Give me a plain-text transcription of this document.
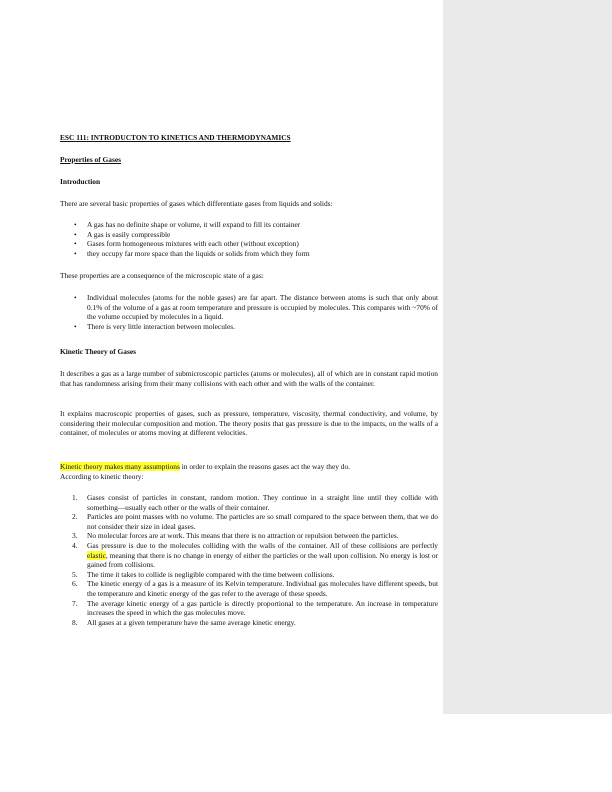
ESC 111: INTRODUCTON TO KINETICS AND THERMODYNAMICS

Properties of Gases

Introduction

There are several basic properties of gases which differentiate gases from liquids and solids:

• A gas has no definite shape or volume, it will expand to fill its container
• A gas is easily compressible
• Gases form homogeneous mixtures with each other (without exception)
• they occupy far more space than the liquids or solids from which they form

These properties are a consequence of the microscopic state of a gas:

• Individual molecules (atoms for the noble gases) are far apart. The distance between atoms is such that only about 0.1% of the volume of a gas at room temperature and pressure is occupied by molecules. This compares with ~70% of the volume occupied by molecules in a liquid.
• There is very little interaction between molecules.

Kinetic Theory of Gases

It describes a gas as a large number of submicroscopic particles (atoms or molecules), all of which are in constant rapid motion that has randomness arising from their many collisions with each other and with the walls of the container.

It explains macroscopic properties of gases, such as pressure, temperature, viscosity, thermal conductivity, and volume, by considering their molecular composition and motion. The theory posits that gas pressure is due to the impacts, on the walls of a container, of molecules or atoms moving at different velocities.

Kinetic theory makes many assumptions in order to explain the reasons gases act the way they do.

According to kinetic theory:

1. Gases consist of particles in constant, random motion. They continue in a straight line until they collide with something—usually each other or the walls of their container.
2. Particles are point masses with no volume. The particles are so small compared to the space between them, that we do not consider their size in ideal gases.
3. No molecular forces are at work. This means that there is no attraction or repulsion between the particles.
4. Gas pressure is due to the molecules colliding with the walls of the container. All of these collisions are perfectly elastic, meaning that there is no change in energy of either the particles or the wall upon collision. No energy is lost or gained from collisions.
5. The time it takes to collide is negligible compared with the time between collisions.
6. The kinetic energy of a gas is a measure of its Kelvin temperature. Individual gas molecules have different speeds, but the temperature and kinetic energy of the gas refer to the average of these speeds.
7. The average kinetic energy of a gas particle is directly proportional to the temperature. An increase in temperature increases the speed in which the gas molecules move.
8. All gases at a given temperature have the same average kinetic energy.
